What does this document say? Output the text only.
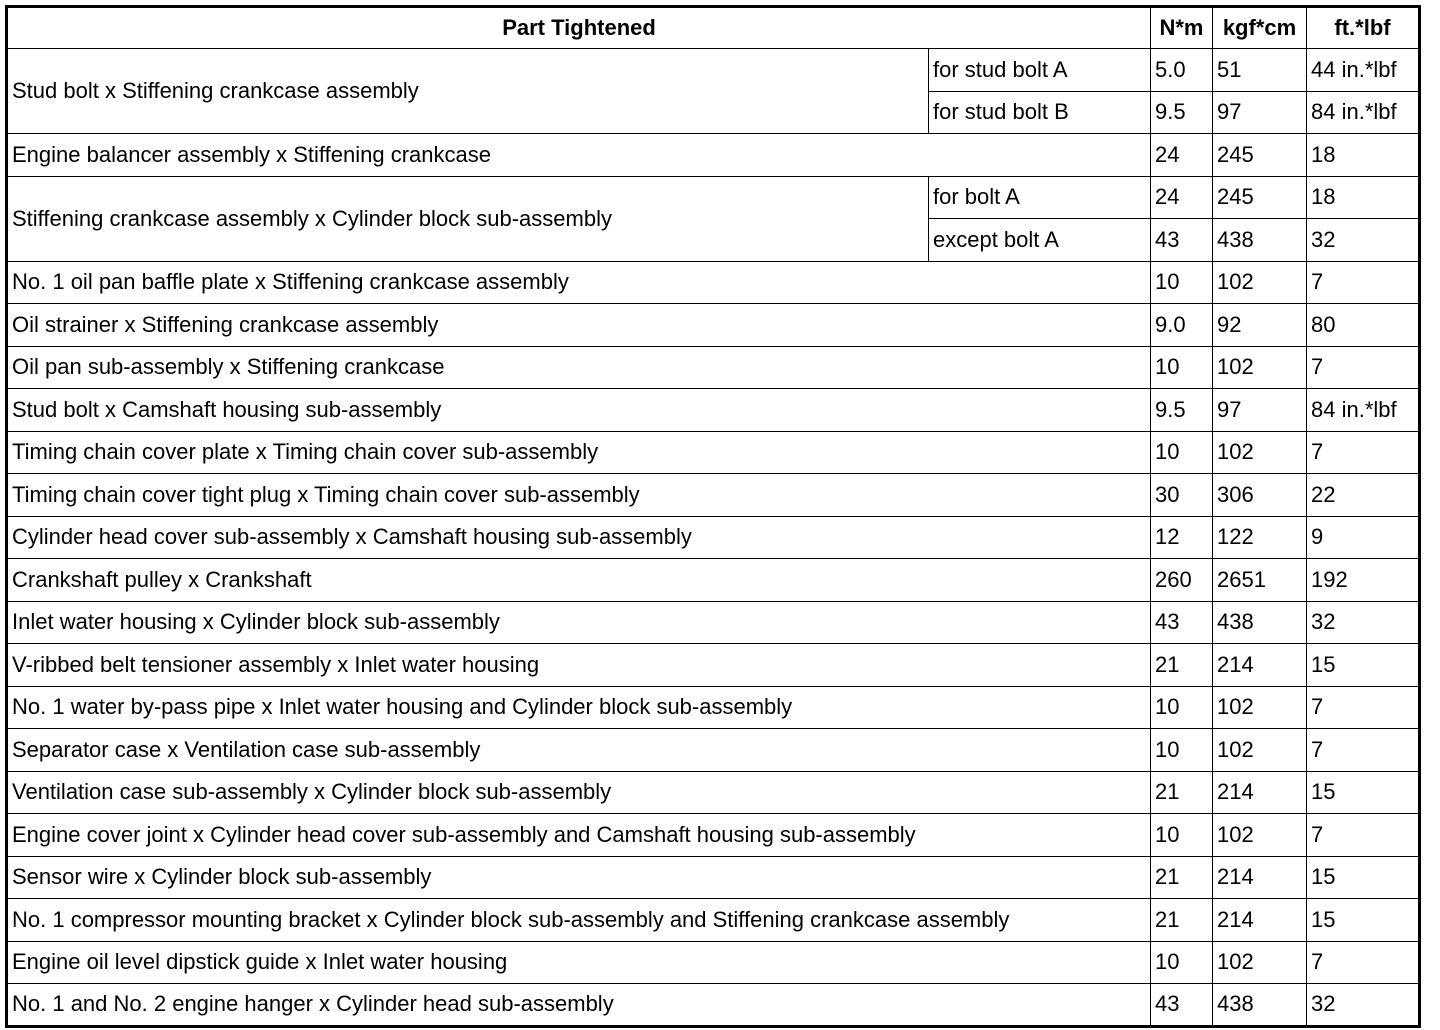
Part Tightened		N*m	kgf*cm	ft.*lbf
Stud bolt x Stiffening crankcase assembly	for stud bolt A	5.0	51	44 in.*lbf
	for stud bolt B	9.5	97	84 in.*lbf
Engine balancer assembly x Stiffening crankcase		24	245	18
Stiffening crankcase assembly x Cylinder block sub-assembly	for bolt A	24	245	18
	except bolt A	43	438	32
No. 1 oil pan baffle plate x Stiffening crankcase assembly		10	102	7
Oil strainer x Stiffening crankcase assembly		9.0	92	80
Oil pan sub-assembly x Stiffening crankcase		10	102	7
Stud bolt x Camshaft housing sub-assembly		9.5	97	84 in.*lbf
Timing chain cover plate x Timing chain cover sub-assembly		10	102	7
Timing chain cover tight plug x Timing chain cover sub-assembly		30	306	22
Cylinder head cover sub-assembly x Camshaft housing sub-assembly		12	122	9
Crankshaft pulley x Crankshaft		260	2651	192
Inlet water housing x Cylinder block sub-assembly		43	438	32
V-ribbed belt tensioner assembly x Inlet water housing		21	214	15
No. 1 water by-pass pipe x Inlet water housing and Cylinder block sub-assembly		10	102	7
Separator case x Ventilation case sub-assembly		10	102	7
Ventilation case sub-assembly x Cylinder block sub-assembly		21	214	15
Engine cover joint x Cylinder head cover sub-assembly and Camshaft housing sub-assembly		10	102	7
Sensor wire x Cylinder block sub-assembly		21	214	15
No. 1 compressor mounting bracket x Cylinder block sub-assembly and Stiffening crankcase assembly		21	214	15
Engine oil level dipstick guide x Inlet water housing		10	102	7
No. 1 and No. 2 engine hanger x Cylinder head sub-assembly		43	438	32
